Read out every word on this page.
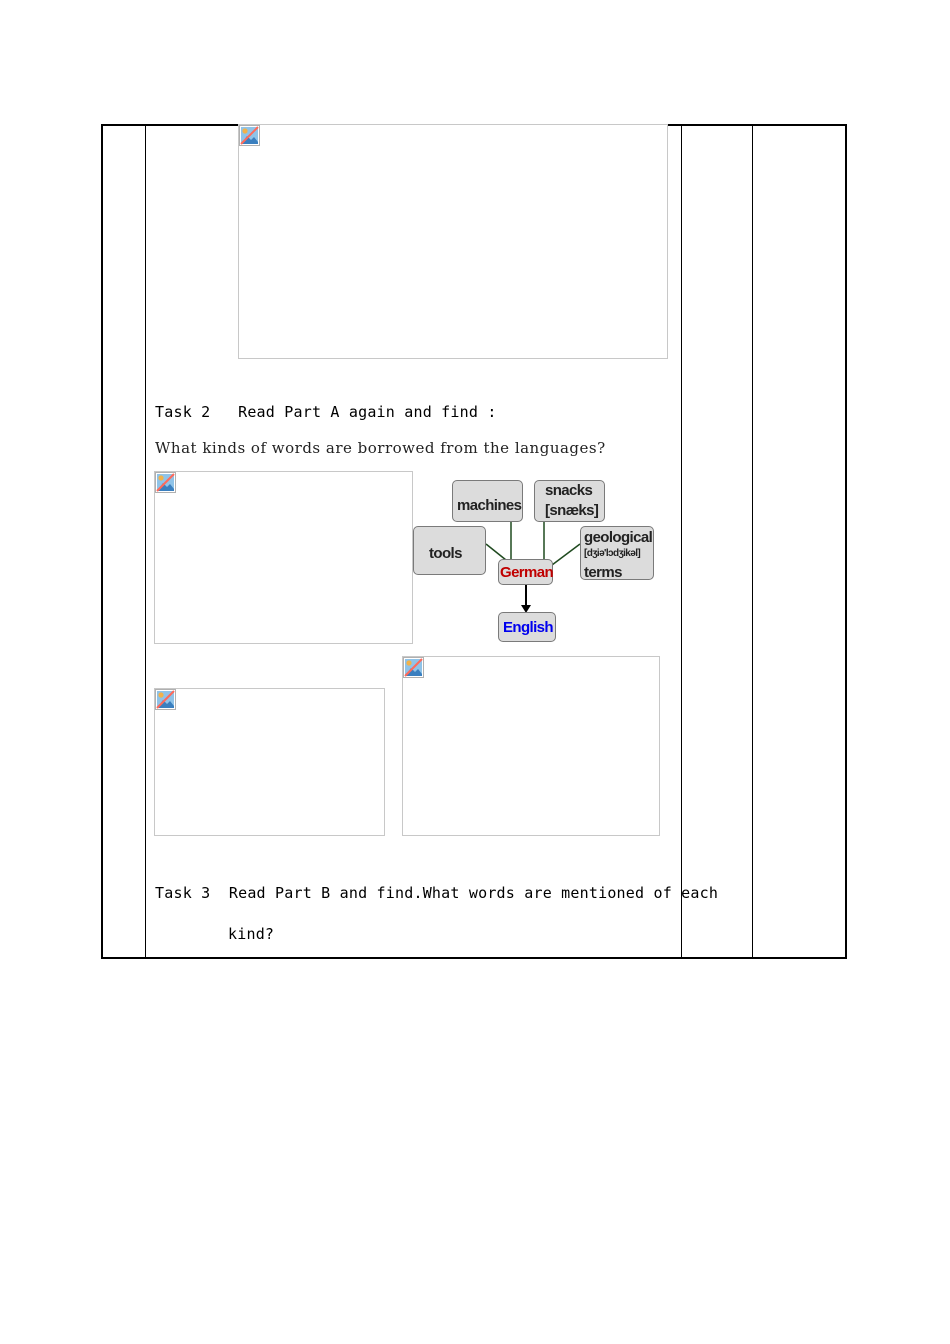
Task 2 Read Part A again and find :
What kinds of words are borrowed from the languages?
machines
snacks
[snæks]
tools
geological
[dʒiə'lɔdʒikəl]
terms
German
English
Task 3 Read Part B and find.What words are mentioned of each
kind?
